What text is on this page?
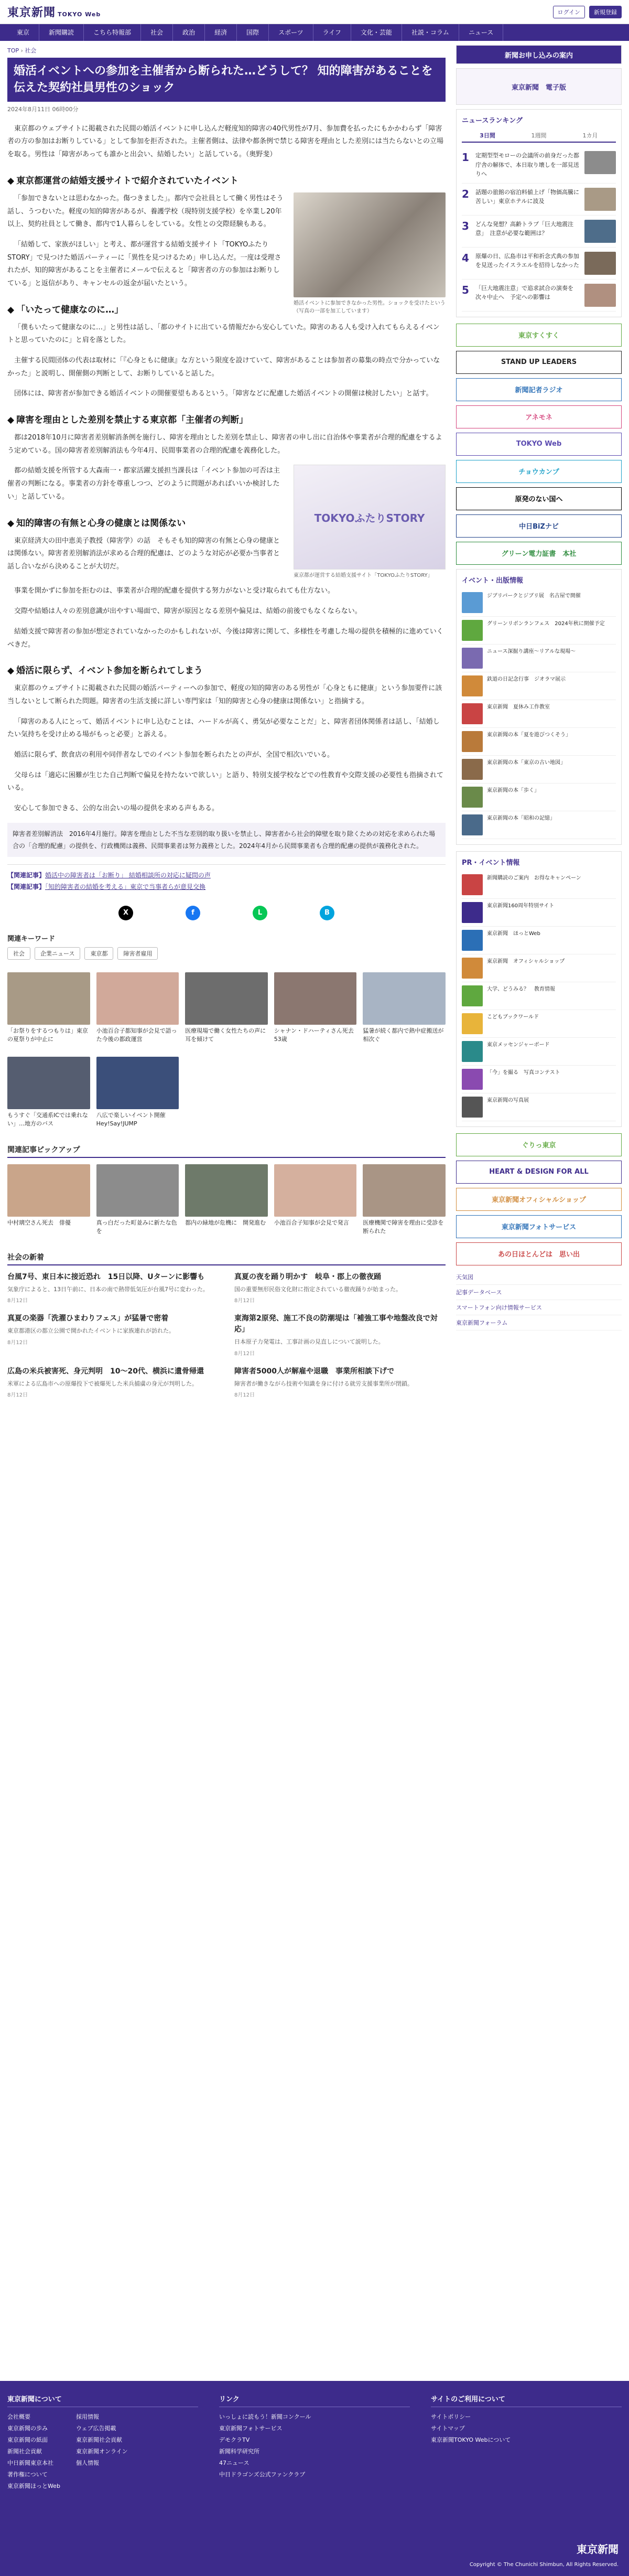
東京新聞 TOKYO Web	ログイン	新規登録
東京	新聞購読	こちら特報部	社会	政治	経済	国際	スポーツ	ライフ	文化・芸能	社説・コラム	ニュース
TOP › 社会
婚活イベントへの参加を主催者から断られた…どうして？ 知的障害があることを伝えた契約社員男性のショック
2024年8月11日 06時00分

東京都のウェブサイトに掲載された民間の婚活イベントに申し込んだ軽度知的障害の40代男性が7月、参加費を払ったにもかかわらず「障害者の方の参加はお断りしている」として参加を拒否された。主催者側は、法律や都条例で禁じる障害を理由とした差別には当たらないとの立場を取る。男性は「障害があっても誰かと出会い、結婚したい」と話している。（奥野斐）

◆ 東京都運営の結婚支援サイトで紹介されていたイベント
婚活イベントに参加できなかった男性。ショックを受けたという（写真の一部を加工しています）

「参加できないとは思わなかった。傷つきました」。都内で会社員として働く男性はそう話し、うつむいた。軽度の知的障害があるが、養護学校（現特別支援学校）を卒業し20年以上、契約社員として働き、都内で1人暮らしをしている。女性との交際経験もある。

「結婚して、家族がほしい」と考え、都が運営する結婚支援サイト「TOKYOふたりSTORY」で見つけた婚活パーティーに「異性を見つけるため」申し込んだ。一度は受理されたが、知的障害があることを主催者にメールで伝えると「障害者の方の参加はお断りしている」と返信があり、キャンセルの返金が届いたという。

◆ 「いたって健康なのに…」

「僕もいたって健康なのに…」と男性は話し、「都のサイトに出ている情報だから安心していた。障害のある人も受け入れてもらえるイベントと思っていたのに」と肩を落とした。

主催する民間団体の代表は取材に「『心身ともに健康』な方という限度を設けていて、障害があることは参加者の募集の時点で分かっていなかった」と説明し、開催側の判断として、お断りしていると話した。

団体には、障害者が参加できる婚活イベントの開催要望もあるという。「障害などに配慮した婚活イベントの開催は検討したい」と話す。

◆ 障害を理由とした差別を禁止する東京都「主催者の判断」

都は2018年10月に障害者差別解消条例を施行し、障害を理由とした差別を禁止し、障害者の申し出に自治体や事業者が合理的配慮をするよう定めている。国の障害者差別解消法も今年4月、民間事業者の合理的配慮を義務化した。

TOKYOふたりSTORY
東京都が運営する結婚支援サイト「TOKYOふたりSTORY」

都の結婚支援を所管する大森南一・都家活躍支援担当課長は「イベント参加の可否は主催者の判断になる。事業者の方針を尊重しつつ、どのように問題があればいいか検討したい」と話している。

◆ 知的障害の有無と心身の健康とは関係ない

東京経済大の田中恵美子教授（障害学）の話　そもそも知的障害の有無と心身の健康とは関係ない。障害者差別解消法が求める合理的配慮は、どのような対応が必要か当事者と話し合いながら決めることが大切だ。

事業を開かずに参加を拒むのは、事業者が合理的配慮を提供する努力がないと受け取られても仕方ない。

交際や結婚は人々の差別意識が出やすい場面で、障害が原因となる差別や偏見は、結婚の前後でもなくならない。

結婚支援で障害者の参加が想定されていなかったのかもしれないが、今後は障害に関して、多様性を考慮した場の提供を積極的に進めていくべきだ。

◆ 婚活に限らず、イベント参加を断られてしまう

東京都のウェブサイトに掲載された民間の婚活パーティーへの参加で、軽度の知的障害のある男性が「心身ともに健康」という参加要件に該当しないとして断られた問題。障害者の生活支援に詳しい専門家は「知的障害と心身の健康は関係ない」と指摘する。

「障害のある人にとって、婚活イベントに申し込むことは、ハードルが高く、勇気が必要なことだ」と、障害者団体関係者は話し、「結婚したい気持ちを受け止める場がもっと必要」と訴える。

婚活に限らず、飲食店の利用や同伴者なしでのイベント参加を断られたとの声が、全国で相次いでいる。

父母らは「適応に困難が生じた自己判断で偏見を持たないで欲しい」と語り、特別支援学校などでの性教育や交際支援の必要性も指摘されている。

安心して参加できる、公的な出会いの場の提供を求める声もある。

障害者差別解消法　2016年4月施行。障害を理由とした不当な差別的取り扱いを禁止し、障害者から社会的障壁を取り除くための対応を求められた場合の「合理的配慮」の提供を、行政機関は義務、民間事業者は努力義務とした。2024年4月から民間事業者も合理的配慮の提供が義務化された。

【関連記事】婚活中の障害者は「お断り」 結婚相談所の対応に疑問の声
【関連記事】「知的障害者の結婚を考える」東京で当事者らが意見交換
X	f	L	B
関連キーワード
社会	企業ニュース	東京都	障害者雇用
「お祭りをするつもりは」東京の夏祭りが中止に
小池百合子都知事が会見で語った今後の都政運営
医療現場で働く女性たちの声に耳を傾けて
シャナン・ドハーティさん死去　53歳
猛暑が続く都内で熱中症搬送が相次ぐ
もうすぐ「交通系ICでは乗れない」…地方のバス
八広で楽しいイベント開催　Hey!Say!JUMP
関連記事ピックアップ
中村璃空さん死去　俳優	真っ白だった町並みに新たな色を
都内の緑地が危機に　開発進む	小池百合子知事が会見で発言	医療機関で障害を理由に受診を断られた
社会の新着
台風7号、東日本に接近恐れ　15日以降、Uターンに影響も
気象庁によると、13日午前に、日本の南で熱帯低気圧が台風7号に変わった。
8月12日
真夏の夜を踊り明かす　岐阜・郡上の徹夜踊
国の重要無形民俗文化財に指定されている徹夜踊りが始まった。
8月12日
真夏の楽器「洗濯ひまわりフェス」が猛暑で密着
東京都港区の都立公園で開かれたイベントに家族連れが訪れた。
8月12日
東海第2原発、施工不良の防潮堤は「補強工事や地盤改良で対応」
日本原子力発電は、工事計画の見直しについて説明した。
8月12日
広島の米兵被害死、身元判明　10～20代、横浜に遺骨帰還
米軍による広島市への原爆投下で被爆死した米兵捕虜の身元が判明した。
8月12日
障害者5000人が解雇や退職　事業所相談下げで
障害者が働きながら技術や知識を身に付ける就労支援事業所が閉鎖。
8月12日
新聞お申し込みの案内
東京新聞　電子版
ニュースランキング
3日間	1週間	1カ月
1	定期型型モローの会議所の前身だった都庁舎の解体で、本日取り壊しを一部見送りへ
2	話題の旅館の宿泊料値上げ「物価高騰に苦しい」東京ホテルに波及
3	どんな発想？高齢トラブ「巨大地震注意」　注意が必要な範囲は？
4	原爆の日、広島市は平和祈念式典の参加を見送ったイスラエルを招待しなかった
5	「巨大地震注意」で追求試合の演奏を次々中止へ　予定への影響は
東京すくすく
STAND UP LEADERS
新聞記者ラジオ
アネモネ
TOKYO Web
チョウカンプ
原発のない国へ
中日BiZナビ
グリーン電力証書　本社
イベント・出版情報
ジブリパークとジブリ展　名古屋で開催
グリーンリボンランフェス　2024年秋に開催予定
ニュース深掘り講座～リアルな現場～
鉄道の日記念行事　ジオラマ展示
東京新聞　夏休み工作教室
東京新聞の本「夏を遊びつくそう」
東京新聞の本「東京の古い地図」
東京新聞の本「歩く」
東京新聞の本「昭和の記憶」
PR・イベント情報
新聞購読のご案内　お得なキャンペーン
東京新聞160周年特別サイト
東京新聞　ほっとWeb
東京新聞　オフィシャルショップ
大学、どうみる？　教育情報
こどもブックワールド
東京メッセンジャーボード
「今」を撮る　写真コンテスト
東京新聞の写真展
ぐりっ東京
HEART & DESIGN FOR ALL
東京新聞オフィシャルショップ
東京新聞フォトサービス
あの日ほとんどは　思い出
天気図
記事データベース
スマートフォン向け情報サービス
東京新聞フォーラム
東京新聞について
会社概要
東京新聞の歩み
東京新聞の紙面
新聞社会貢献
中日新聞東京本社
著作権について
東京新聞ほっとWeb
採用情報
ウェブ広告掲載
東京新聞社会貢献
東京新聞オンライン
個人情報
リンク
いっしょに読もう！新聞コンクール
東京新聞フォトサービス
デモクラTV
新聞科学研究所
47ニュース
中日ドラゴンズ公式ファンクラブ
サイトのご利用について
サイトポリシー
サイトマップ
東京新聞TOKYO Webについて
東京新聞
Copyright © The Chunichi Shimbun, All Rights Reserved.
